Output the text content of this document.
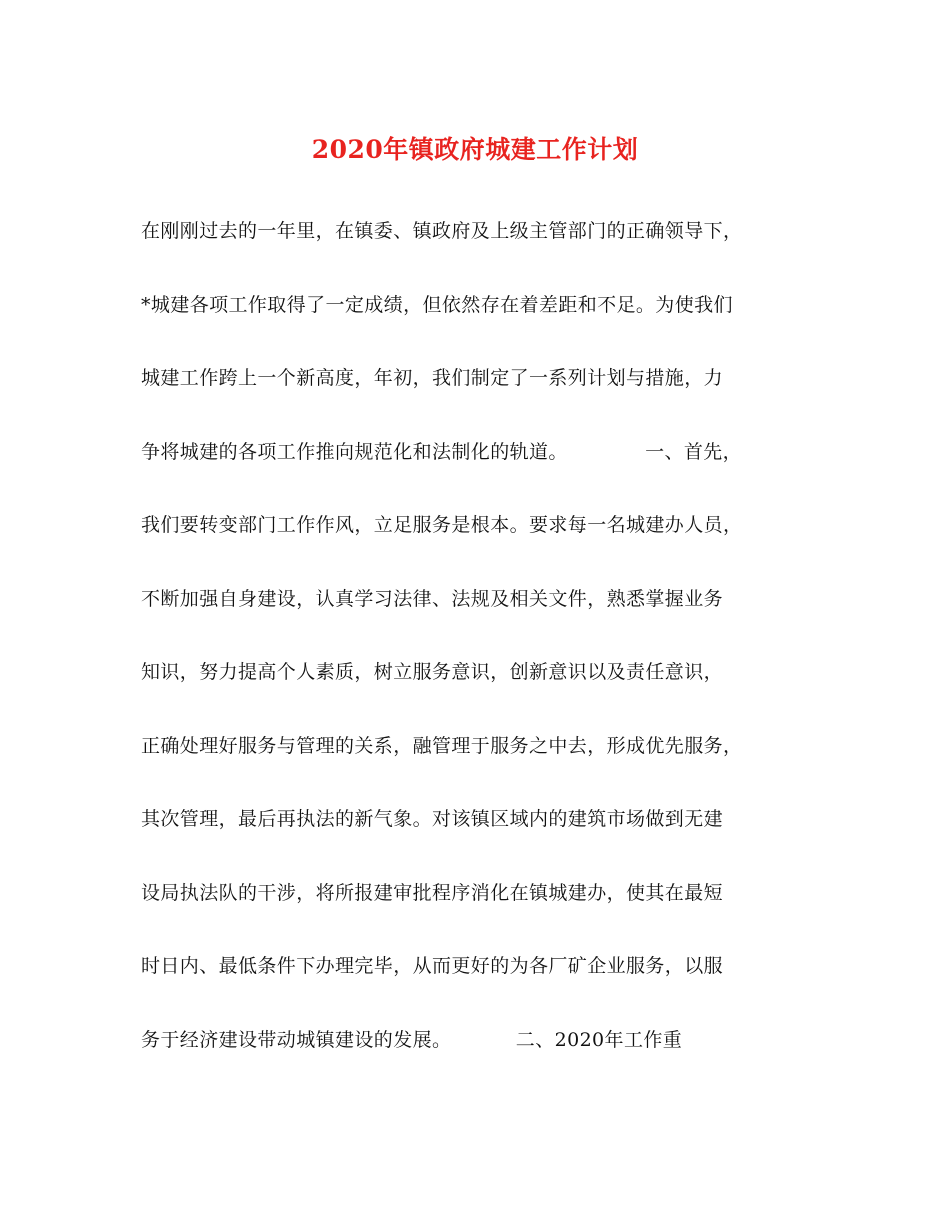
2020年镇政府城建工作计划
在刚刚过去的一年里，在镇委、镇政府及上级主管部门的正确领导下，
*城建各项工作取得了一定成绩，但依然存在着差距和不足。为使我们
城建工作跨上一个新高度，年初，我们制定了一系列计划与措施，力
争将城建的各项工作推向规范化和法制化的轨道。            一、首先，
我们要转变部门工作作风，立足服务是根本。要求每一名城建办人员，
不断加强自身建设，认真学习法律、法规及相关文件，熟悉掌握业务
知识，努力提高个人素质，树立服务意识，创新意识以及责任意识，
正确处理好服务与管理的关系，融管理于服务之中去，形成优先服务，
其次管理，最后再执法的新气象。对该镇区域内的建筑市场做到无建
设局执法队的干涉，将所报建审批程序消化在镇城建办，使其在最短
时日内、最低条件下办理完毕，从而更好的为各厂矿企业服务，以服
务于经济建设带动城镇建设的发展。          二、2020年工作重
